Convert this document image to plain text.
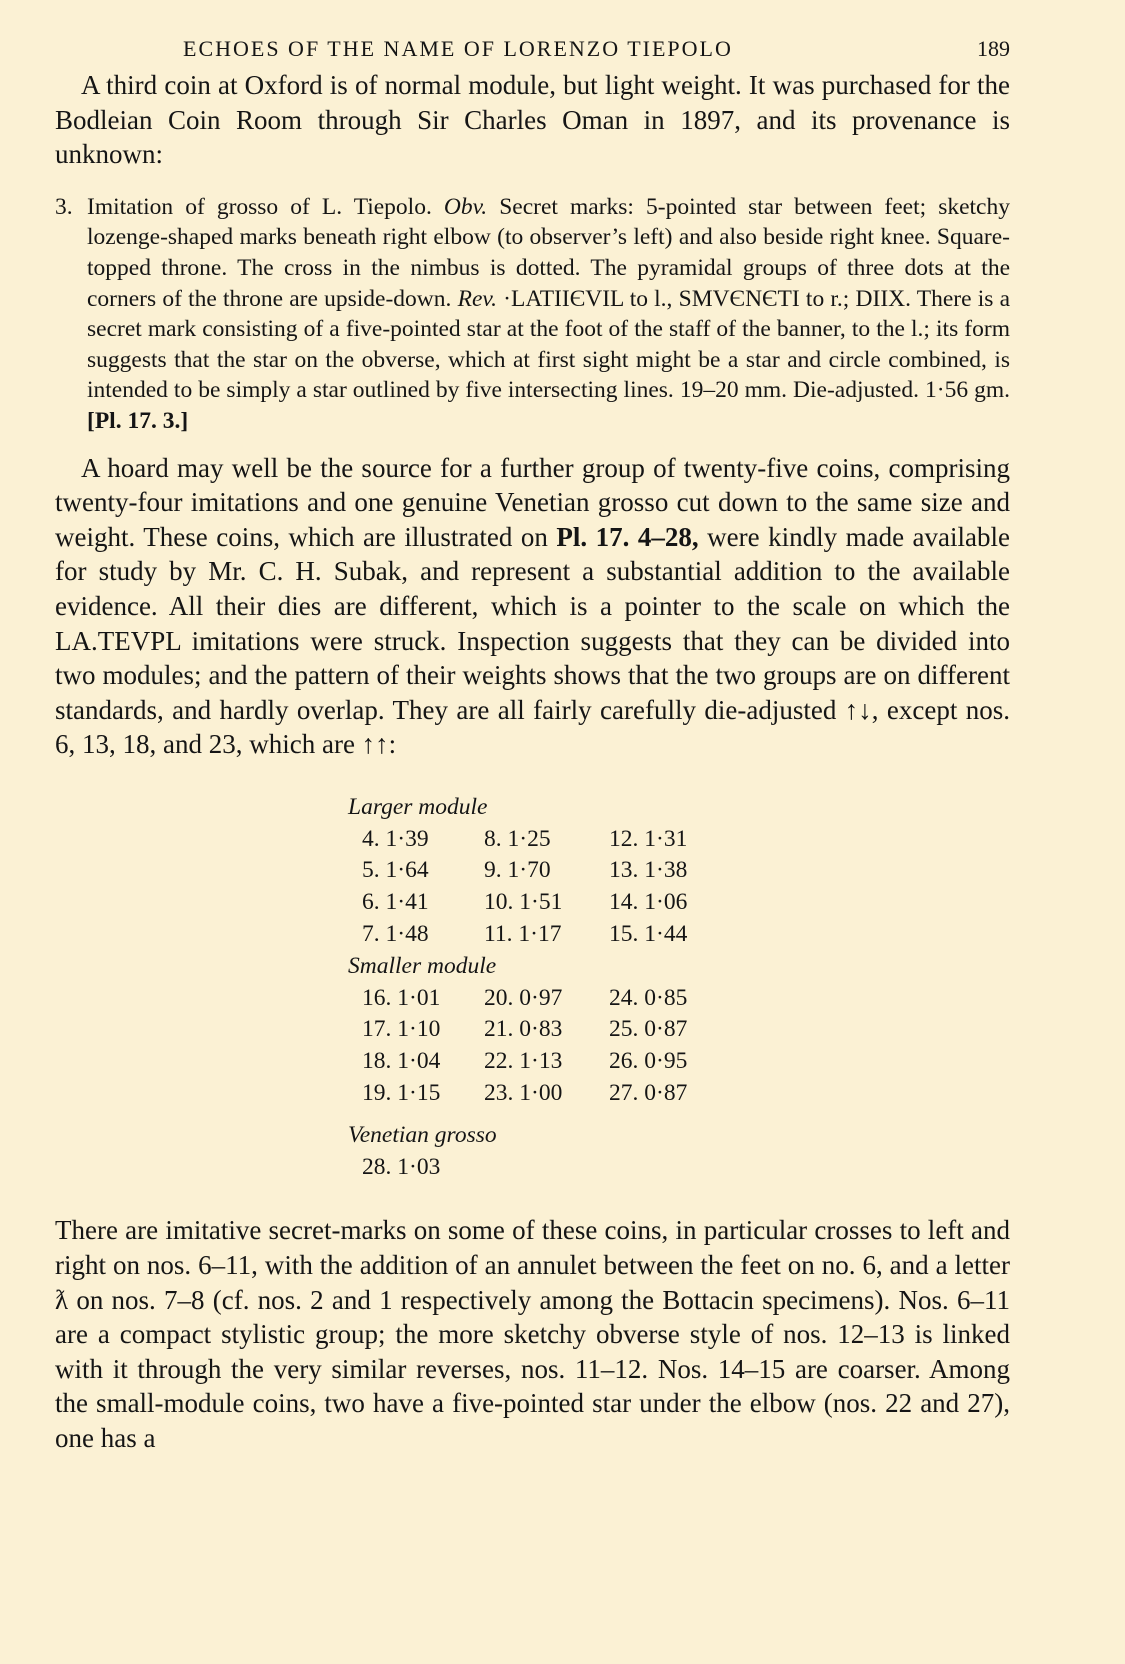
ECHOES OF THE NAME OF LORENZO TIEPOLO	189

A third coin at Oxford is of normal module, but light weight. It was purchased for the Bodleian Coin Room through Sir Charles Oman in 1897, and its provenance is unknown:

3. Imitation of grosso of L. Tiepolo. Obv. Secret marks: 5-pointed star between feet; sketchy lozenge-shaped marks beneath right elbow (to observer’s left) and also beside right knee. Square-topped throne. The cross in the nimbus is dotted. The pyramidal groups of three dots at the corners of the throne are upside-down. Rev. ·LATIIЄVIL to l., SMVЄNЄTI to r.; DIIX. There is a secret mark consisting of a five-pointed star at the foot of the staff of the banner, to the l.; its form suggests that the star on the obverse, which at first sight might be a star and circle combined, is intended to be simply a star outlined by five intersecting lines. 19–20 mm. Die-adjusted. 1·56 gm. [Pl. 17. 3.]

A hoard may well be the source for a further group of twenty-five coins, comprising twenty-four imitations and one genuine Venetian grosso cut down to the same size and weight. These coins, which are illustrated on Pl. 17. 4–28, were kindly made available for study by Mr. C. H. Subak, and represent a substantial addition to the available evidence. All their dies are different, which is a pointer to the scale on which the LA.TEVPL imitations were struck. Inspection suggests that they can be divided into two modules; and the pattern of their weights shows that the two groups are on different standards, and hardly overlap. They are all fairly carefully die-adjusted ↑↓, except nos. 6, 13, 18, and 23, which are ↑↑:

Larger module

4. 1·39	8. 1·25	12. 1·31
5. 1·64	9. 1·70	13. 1·38
6. 1·41	10. 1·51	14. 1·06
7. 1·48	11. 1·17	15. 1·44

Smaller module

16. 1·01	20. 0·97	24. 0·85
17. 1·10	21. 0·83	25. 0·87
18. 1·04	22. 1·13	26. 0·95
19. 1·15	23. 1·00	27. 0·87

Venetian grosso

28. 1·03

There are imitative secret-marks on some of these coins, in particular crosses to left and right on nos. 6–11, with the addition of an annulet between the feet on no. 6, and a letter ƛ on nos. 7–8 (cf. nos. 2 and 1 respectively among the Bottacin specimens). Nos. 6–11 are a compact stylistic group; the more sketchy obverse style of nos. 12–13 is linked with it through the very similar reverses, nos. 11–12. Nos. 14–15 are coarser. Among the small-module coins, two have a five-pointed star under the elbow (nos. 22 and 27), one has a
